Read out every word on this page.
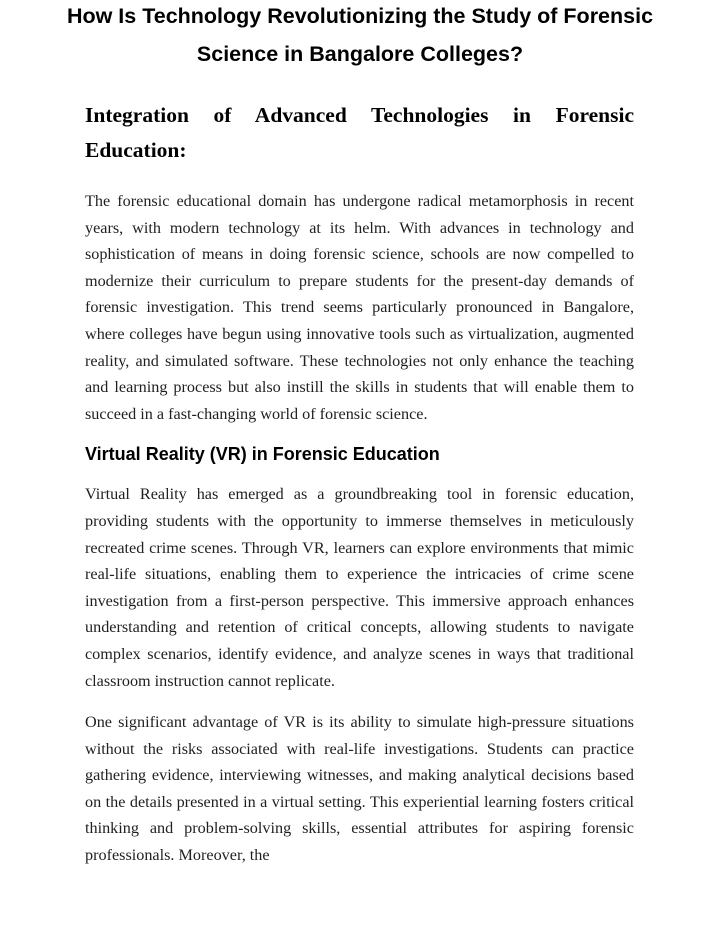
How Is Technology Revolutionizing the Study of Forensic Science in Bangalore Colleges?
Integration of Advanced Technologies in Forensic Education:

The forensic educational domain has undergone radical metamorphosis in recent years, with modern technology at its helm. With advances in technology and sophistication of means in doing forensic science, schools are now compelled to modernize their curriculum to prepare students for the present-day demands of forensic investigation. This trend seems particularly pronounced in Bangalore, where colleges have begun using innovative tools such as virtualization, augmented reality, and simulated software. These technologies not only enhance the teaching and learning process but also instill the skills in students that will enable them to succeed in a fast-changing world of forensic science.

Virtual Reality (VR) in Forensic Education

Virtual Reality has emerged as a groundbreaking tool in forensic education, providing students with the opportunity to immerse themselves in meticulously recreated crime scenes. Through VR, learners can explore environments that mimic real-life situations, enabling them to experience the intricacies of crime scene investigation from a first-person perspective. This immersive approach enhances understanding and retention of critical concepts, allowing students to navigate complex scenarios, identify evidence, and analyze scenes in ways that traditional classroom instruction cannot replicate.

One significant advantage of VR is its ability to simulate high-pressure situations without the risks associated with real-life investigations. Students can practice gathering evidence, interviewing witnesses, and making analytical decisions based on the details presented in a virtual setting. This experiential learning fosters critical thinking and problem-solving skills, essential attributes for aspiring forensic professionals. Moreover, the
